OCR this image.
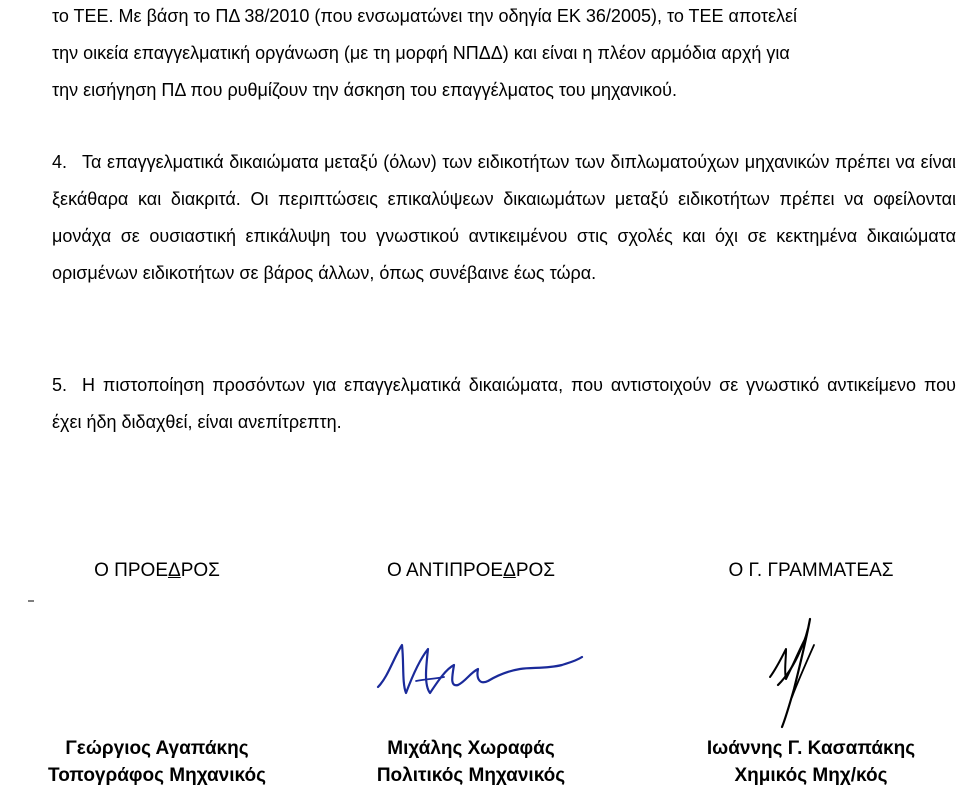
το ΤΕΕ. Με βάση το ΠΔ 38/2010 (που ενσωματώνει την οδηγία ΕΚ 36/2005), το ΤΕΕ αποτελεί
την οικεία επαγγελματική οργάνωση (με τη μορφή ΝΠΔΔ) και είναι η πλέον αρμόδια αρχή για
την εισήγηση ΠΔ που ρυθμίζουν την άσκηση του επαγγέλματος του μηχανικού.
4. Τα επαγγελματικά δικαιώματα μεταξύ (όλων) των ειδικοτήτων των διπλωματούχων μηχανικών πρέπει να είναι ξεκάθαρα και διακριτά. Οι περιπτώσεις επικαλύψεων δικαιωμάτων μεταξύ ειδικοτήτων πρέπει να οφείλονται μονάχα σε ουσιαστική επικάλυψη του γνωστικού αντικειμένου στις σχολές και όχι σε κεκτημένα δικαιώματα ορισμένων ειδικοτήτων σε βάρος άλλων, όπως συνέβαινε έως τώρα.
5. Η πιστοποίηση προσόντων για επαγγελματικά δικαιώματα, που αντιστοιχούν σε γνωστικό αντικείμενο που έχει ήδη διδαχθεί, είναι ανεπίτρεπτη.
Ο ΠΡΟΕΔΡΟΣ
Γεώργιος Αγαπάκης
Τοπογράφος Μηχανικός
Ο ΑΝΤΙΠΡΟΕΔΡΟΣ
Μιχάλης Χωραφάς
Πολιτικός Μηχανικός
Ο Γ. ΓΡΑΜΜΑΤΕΑΣ
Ιωάννης Γ. Κασαπάκης
Χημικός Μηχ/κός
